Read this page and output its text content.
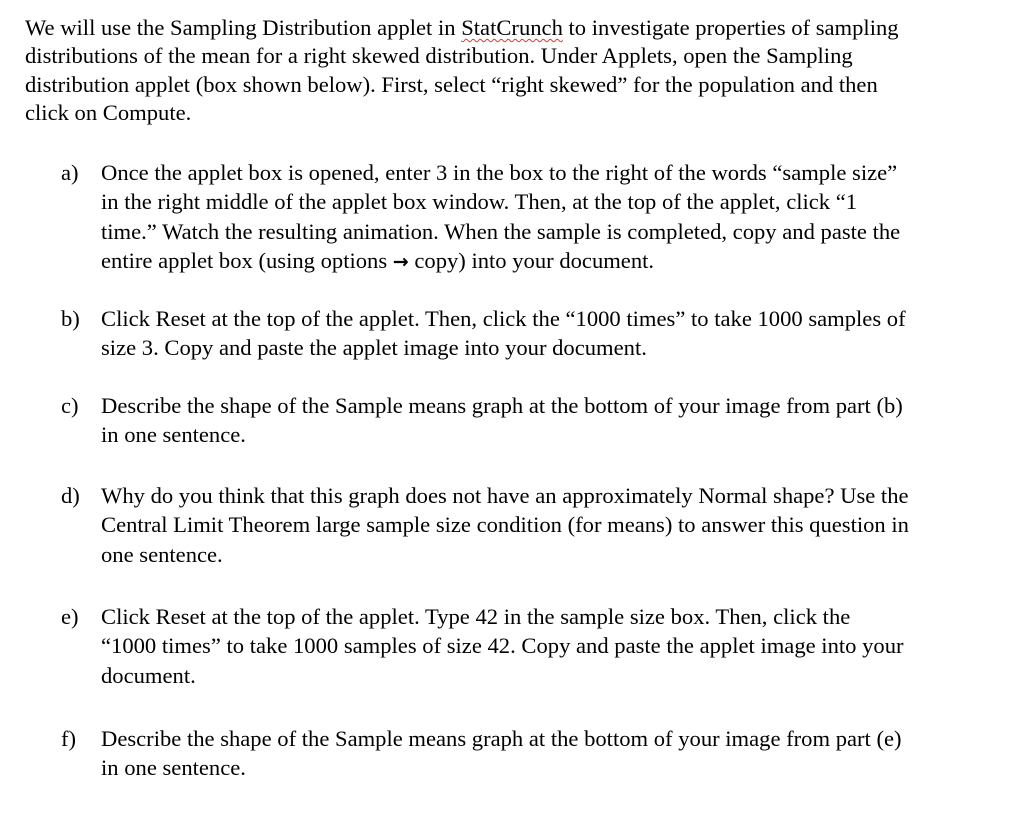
We will use the Sampling Distribution applet in StatCrunch to investigate properties of sampling
distributions of the mean for a right skewed distribution. Under Applets, open the Sampling
distribution applet (box shown below). First, select “right skewed” for the population and then
click on Compute.

a) Once the applet box is opened, enter 3 in the box to the right of the words “sample size”
in the right middle of the applet box window. Then, at the top of the applet, click “1
time.” Watch the resulting animation. When the sample is completed, copy and paste the
entire applet box (using options → copy) into your document.
b) Click Reset at the top of the applet. Then, click the “1000 times” to take 1000 samples of
size 3. Copy and paste the applet image into your document.
c) Describe the shape of the Sample means graph at the bottom of your image from part (b)
in one sentence.
d) Why do you think that this graph does not have an approximately Normal shape? Use the
Central Limit Theorem large sample size condition (for means) to answer this question in
one sentence.
e) Click Reset at the top of the applet. Type 42 in the sample size box. Then, click the
“1000 times” to take 1000 samples of size 42. Copy and paste the applet image into your
document.
f) Describe the shape of the Sample means graph at the bottom of your image from part (e)
in one sentence.
